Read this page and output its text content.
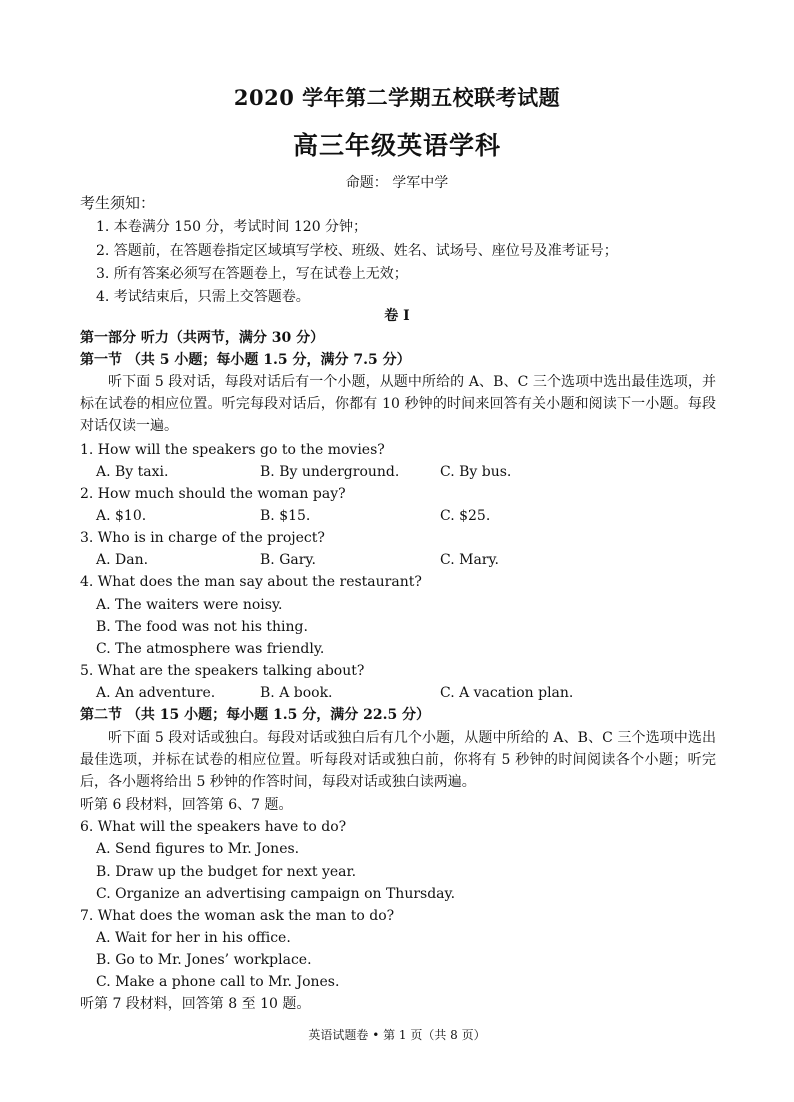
2020 学年第二学期五校联考试题
高三年级英语学科
命题： 学军中学
考生须知：
1. 本卷满分 150 分，考试时间 120 分钟；
2. 答题前，在答题卷指定区域填写学校、班级、姓名、试场号、座位号及准考证号；
3. 所有答案必须写在答题卷上，写在试卷上无效；
4. 考试结束后，只需上交答题卷。
卷 I
第一部分 听力（共两节，满分 30 分）
第一节 （共 5 小题；每小题 1.5 分，满分 7.5 分）
听下面 5 段对话，每段对话后有一个小题，从题中所给的 A、B、C 三个选项中选出最佳选项，并标在试卷的相应位置。听完每段对话后，你都有 10 秒钟的时间来回答有关小题和阅读下一小题。每段对话仅读一遍。
1. How will the speakers go to the movies?
A. By taxi.	B. By underground.	C. By bus.
2. How much should the woman pay?
A. $10.	B. $15.	C. $25.
3. Who is in charge of the project?
A. Dan.	B. Gary.	C. Mary.
4. What does the man say about the restaurant?
A. The waiters were noisy.
B. The food was not his thing.
C. The atmosphere was friendly.
5. What are the speakers talking about?
A. An adventure.	B. A book.	C. A vacation plan.
第二节 （共 15 小题；每小题 1.5 分，满分 22.5 分）
听下面 5 段对话或独白。每段对话或独白后有几个小题，从题中所给的 A、B、C 三个选项中选出最佳选项，并标在试卷的相应位置。听每段对话或独白前，你将有 5 秒钟的时间阅读各个小题；听完后，各小题将给出 5 秒钟的作答时间，每段对话或独白读两遍。
听第 6 段材料，回答第 6、7 题。
6. What will the speakers have to do?
A. Send figures to Mr. Jones.
B. Draw up the budget for next year.
C. Organize an advertising campaign on Thursday.
7. What does the woman ask the man to do?
A. Wait for her in his office.
B. Go to Mr. Jones’ workplace.
C. Make a phone call to Mr. Jones.
听第 7 段材料，回答第 8 至 10 题。
英语试题卷 • 第 1 页（共 8 页）
